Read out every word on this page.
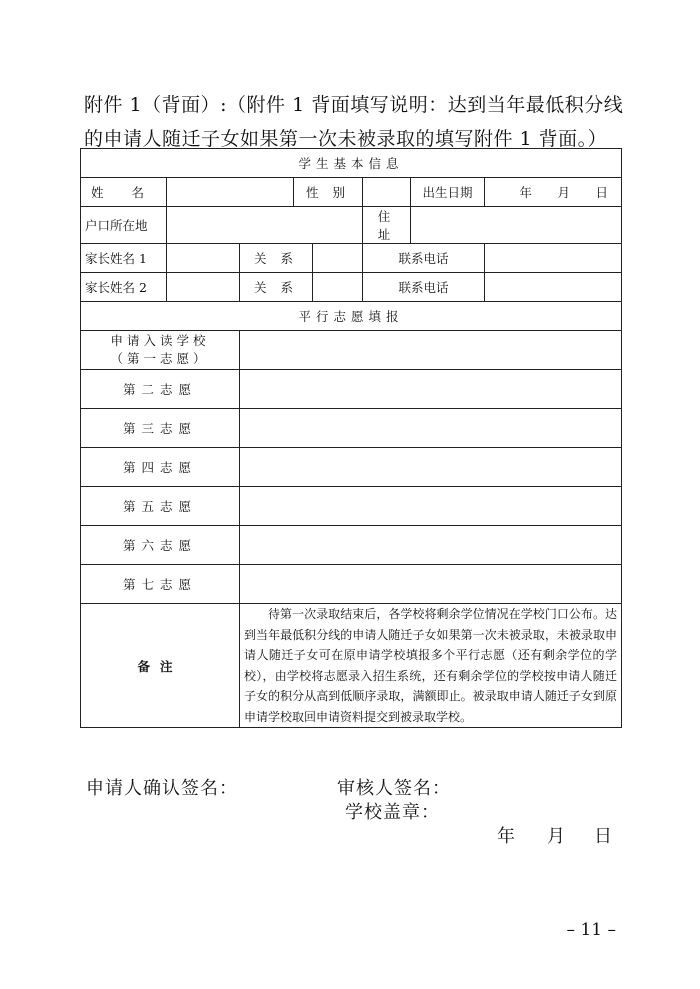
附件 1（背面）:（附件 1 背面填写说明：达到当年最低积分线的申请人随迁子女如果第一次未被录取的填写附件 1 背面。）
学生基本信息							
姓 名			性 别			出生日期	年 月 日
户口所在地					住 址		
家长姓名 1		关 系			联系电话		
家长姓名 2		关 系			联系电话		
平行志愿填报							

申请入读学校
（第一志愿）							

第二志愿							
第三志愿							
第四志愿							
第五志愿							
第六志愿							
第七志愿							
备注		待第一次录取结束后，各学校将剩余学位情况在学校门口公布。达到当年最低积分线的申请人随迁子女如果第一次未被录取，未被录取申请人随迁子女可在原申请学校填报多个平行志愿（还有剩余学位的学校），由学校将志愿录入招生系统，还有剩余学位的学校按申请人随迁子女的积分从高到低顺序录取，满额即止。被录取申请人随迁子女到原申请学校取回申请资料提交到被录取学校。					
申请人确认签名：	审核人签名：
学校盖章：
年 月 日
– 11 –
